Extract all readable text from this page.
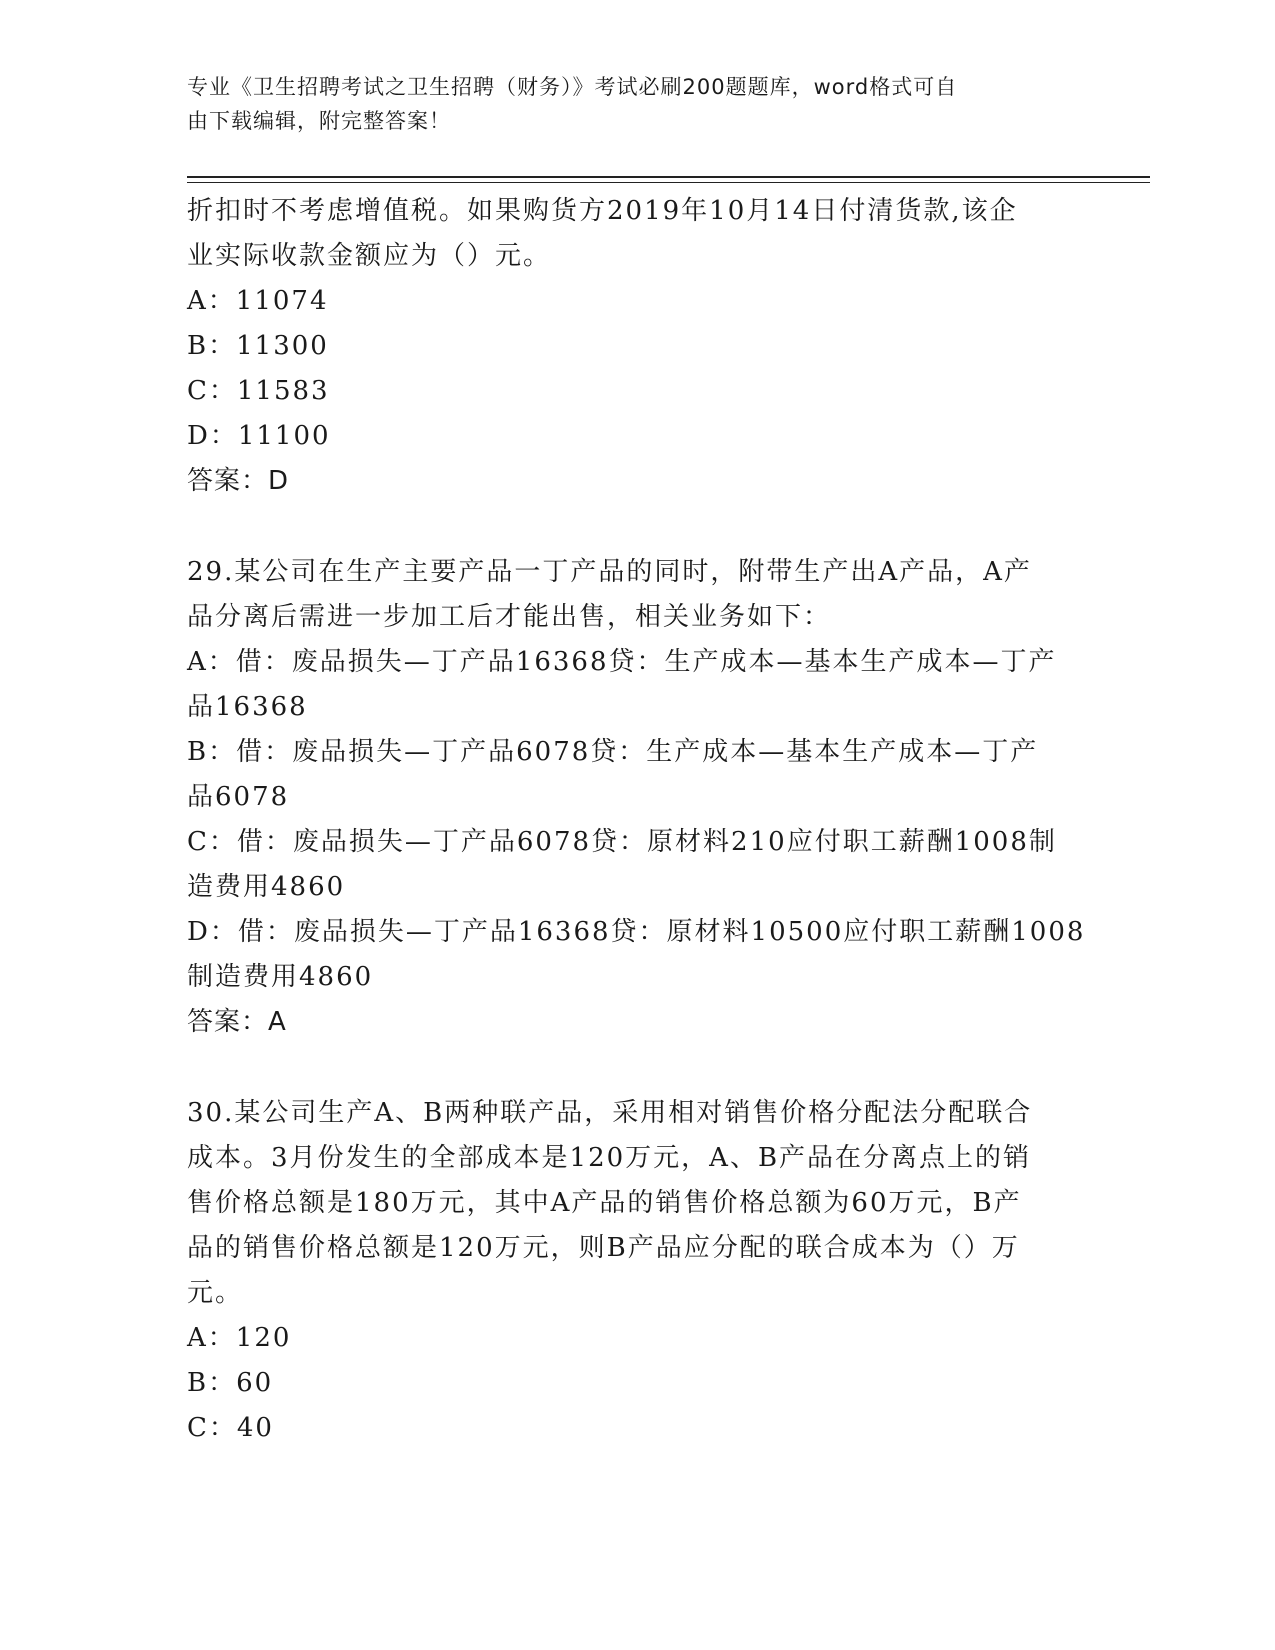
专业《卫生招聘考试之卫生招聘（财务）》考试必刷200题题库，word格式可自
由下载编辑，附完整答案！
折扣时不考虑增值税。如果购货方2019年10月14日付清货款,该企
业实际收款金额应为（）元。
A：11074
B：11300
C：11583
D：11100
答案：D
29.某公司在生产主要产品一丁产品的同时，附带生产出A产品，A产
品分离后需进一步加工后才能出售，相关业务如下：
A：借：废品损失—丁产品16368贷：生产成本—基本生产成本—丁产
品16368
B：借：废品损失—丁产品6078贷：生产成本—基本生产成本—丁产
品6078
C：借：废品损失—丁产品6078贷：原材料210应付职工薪酬1008制
造费用4860
D：借：废品损失—丁产品16368贷：原材料10500应付职工薪酬1008
制造费用4860
答案：A
30.某公司生产A、B两种联产品，采用相对销售价格分配法分配联合
成本。3月份发生的全部成本是120万元，A、B产品在分离点上的销
售价格总额是180万元，其中A产品的销售价格总额为60万元，B产
品的销售价格总额是120万元，则B产品应分配的联合成本为（）万
元。
A：120
B：60
C：40
